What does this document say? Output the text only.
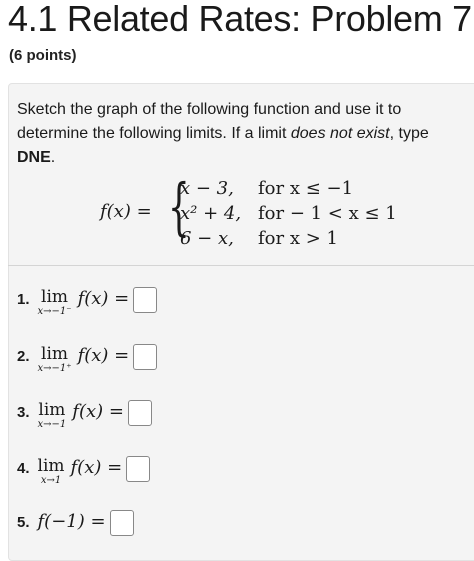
4.1 Related Rates: Problem 7
(6 points)
Sketch the graph of the following function and use it to determine the following limits. If a limit does not exist, type DNE.
f(x) = {
x − 3, for x ≤ −1
x² + 4, for − 1 < x ≤ 1
6 − x, for x > 1
1. lim
x→−1⁻
f(x) =
2. lim
x→−1⁺
f(x) =
3. lim
x→−1
f(x) =
4. lim
x→1
f(x) =
5. f(−1) =
